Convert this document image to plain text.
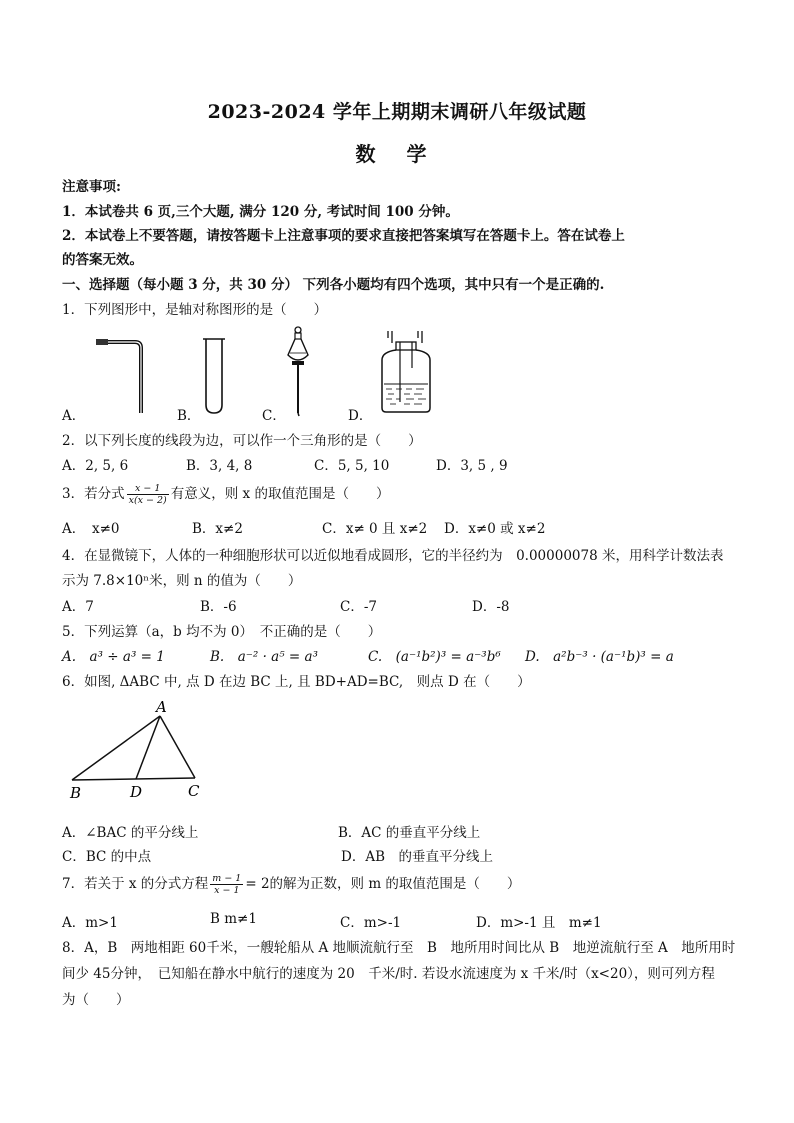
2023-2024 学年上期期末调研八年级试题
数 学
注意事项:
1．本试卷共 6 页,三个大题, 满分 120 分, 考试时间 100 分钟。
2．本试卷上不要答题，请按答题卡上注意事项的要求直接把答案填写在答题卡上。答在试卷上
的答案无效。
一、选择题（每小题 3 分，共 30 分） 下列各小题均有四个选项，其中只有一个是正确的.
1．下列图形中，是轴对称图形的是（　　）
A．	B．	C．	D．
2．以下列长度的线段为边，可以作一个三角形的是（　　）
A．2, 5, 6	B．3, 4, 8	C．5, 5, 10	D．3, 5 , 9
3．若分式 $\frac{x - 1}{x(x - 2)}$ 有意义，则 x 的取值范围是（　　）
A．　x≠0	B．x≠2	C．x≠ 0 且 x≠2 D．x≠0 或 x≠2
4．在显微镜下，人体的一种细胞形状可以近似地看成圆形，它的半径约为　0.00000078 米，用科学计数法表
示为 7.8×10ⁿ米，则 n 的值为（　　）
A．7	B．-6	C．-7	D．-8
5．下列运算（a，b 均不为 0）　不正确的是（　　）
A.　a³ ÷ a³ = 1	B.　a⁻² · a⁵ = a³	C.　(a⁻¹b²)³ = a⁻³b⁶ D.　a²b⁻³ · (a⁻¹b)³ = a
6．如图, ΔABC 中, 点 D 在边 BC 上, 且 BD+AD=BC,　则点 D 在（　　）
A
B	D	C
A．∠BAC 的平分线上	B．AC 的垂直平分线上
C．BC 的中点	D．AB　的垂直平分线上
7．若关于 x 的分式方程 $\frac{m - 1}{x - 1} = 2$的解为正数，则 m 的取值范围是（　　）
A．m>1	B m≠1	C．m>-1	D．m>-1 且　m≠1
8．A，B　两地相距 60千米，一艘轮船从 A 地顺流航行至　B　地所用时间比从 B　地逆流航行至 A　地所用时
间少 45分钟，　已知船在静水中航行的速度为 20　千米/时. 若设水流速度为 x 千米/时（x<20），则可列方程
为（　　）
